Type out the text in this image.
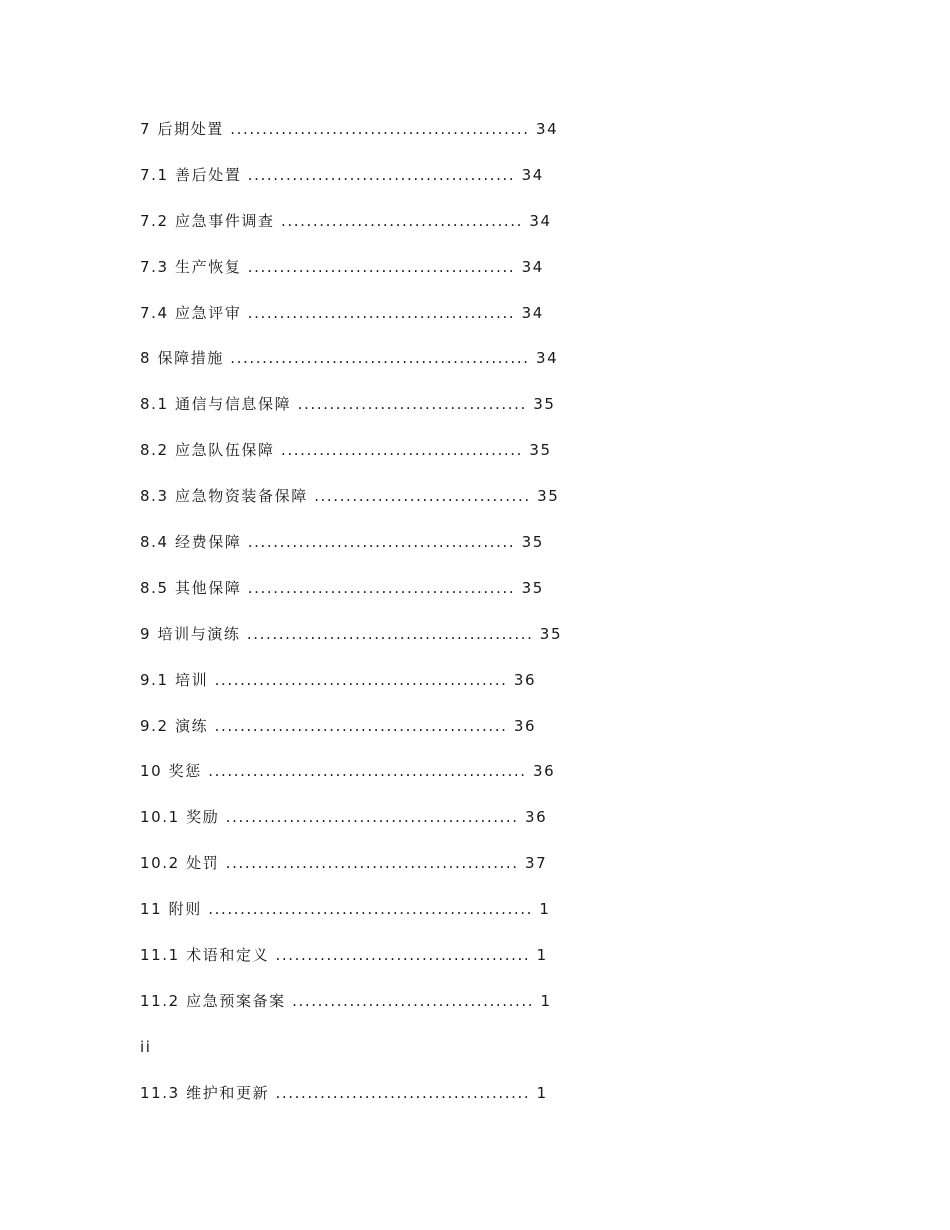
7 后期处置 ............................................... 34
7.1 善后处置 .......................................... 34
7.2 应急事件调查 ...................................... 34
7.3 生产恢复 .......................................... 34
7.4 应急评审 .......................................... 34
8 保障措施 ............................................... 34
8.1 通信与信息保障 .................................... 35
8.2 应急队伍保障 ...................................... 35
8.3 应急物资装备保障 .................................. 35
8.4 经费保障 .......................................... 35
8.5 其他保障 .......................................... 35
9 培训与演练 ............................................. 35
9.1 培训 .............................................. 36
9.2 演练 .............................................. 36
10 奖惩 .................................................. 36
10.1 奖励 .............................................. 36
10.2 处罚 .............................................. 37
11 附则 ................................................... 1
11.1 术语和定义 ........................................ 1
11.2 应急预案备案 ...................................... 1
ii
11.3 维护和更新 ........................................ 1
